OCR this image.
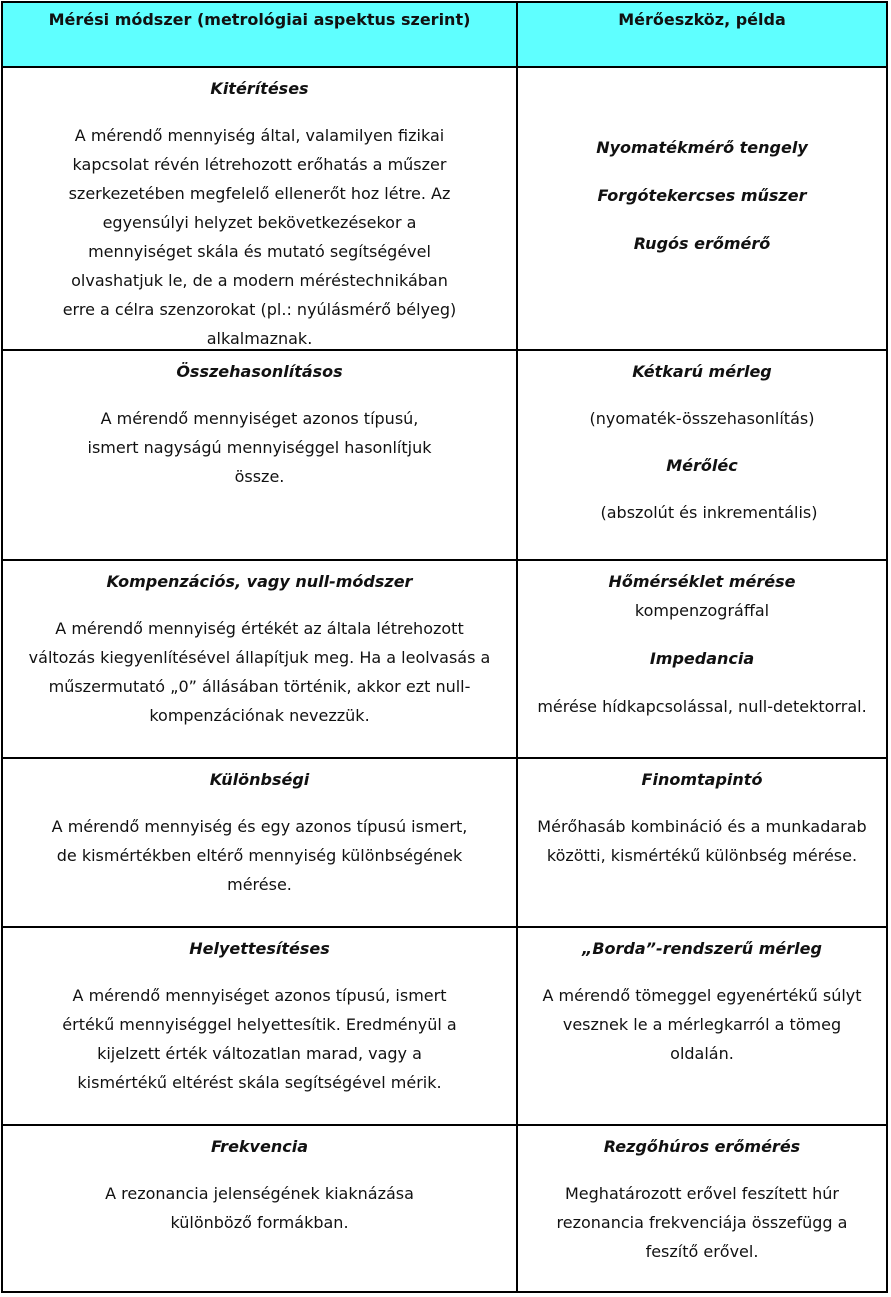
Mérési módszer (metrológiai aspektus szerint)	Mérőeszköz, példa
Kitérítéses
A mérendő mennyiség által, valamilyen fizikai kapcsolat révén létrehozott erőhatás a műszer szerkezetében megfelelő ellenerőt hoz létre. Az egyensúlyi helyzet bekövetkezésekor a mennyiséget skála és mutató segítségével olvashatjuk le, de a modern méréstechnikában erre a célra szenzorokat (pl.: nyúlásmérő bélyeg) alkalmaznak.
Nyomatékmérő tengely
Forgótekercses műszer
Rugós erőmérő
Összehasonlításos
A mérendő mennyiséget azonos típusú, ismert nagyságú mennyiséggel hasonlítjuk össze.
Kétkarú mérleg
(nyomaték-összehasonlítás)
Mérőléc
(abszolút és inkrementális)
Kompenzációs, vagy null-módszer
A mérendő mennyiség értékét az általa létrehozott változás kiegyenlítésével állapítjuk meg. Ha a leolvasás a műszermutató „0” állásában történik, akkor ezt null-kompenzációnak nevezzük.
Hőmérséklet mérése
kompenzográffal
Impedancia
mérése hídkapcsolással, null-detektorral.
Különbségi
A mérendő mennyiség és egy azonos típusú ismert, de kismértékben eltérő mennyiség különbségének mérése.
Finomtapintó
Mérőhasáb kombináció és a munkadarab közötti, kismértékű különbség mérése.
Helyettesítéses
A mérendő mennyiséget azonos típusú, ismert értékű mennyiséggel helyettesítik. Eredményül a kijelzett érték változatlan marad, vagy a kismértékű eltérést skála segítségével mérik.
„Borda”-rendszerű mérleg
A mérendő tömeggel egyenértékű súlyt vesznek le a mérlegkarról a tömeg oldalán.
Frekvencia
A rezonancia jelenségének kiaknázása különböző formákban.
Rezgőhúros erőmérés
Meghatározott erővel feszített húr rezonancia frekvenciája összefügg a feszítő erővel.
